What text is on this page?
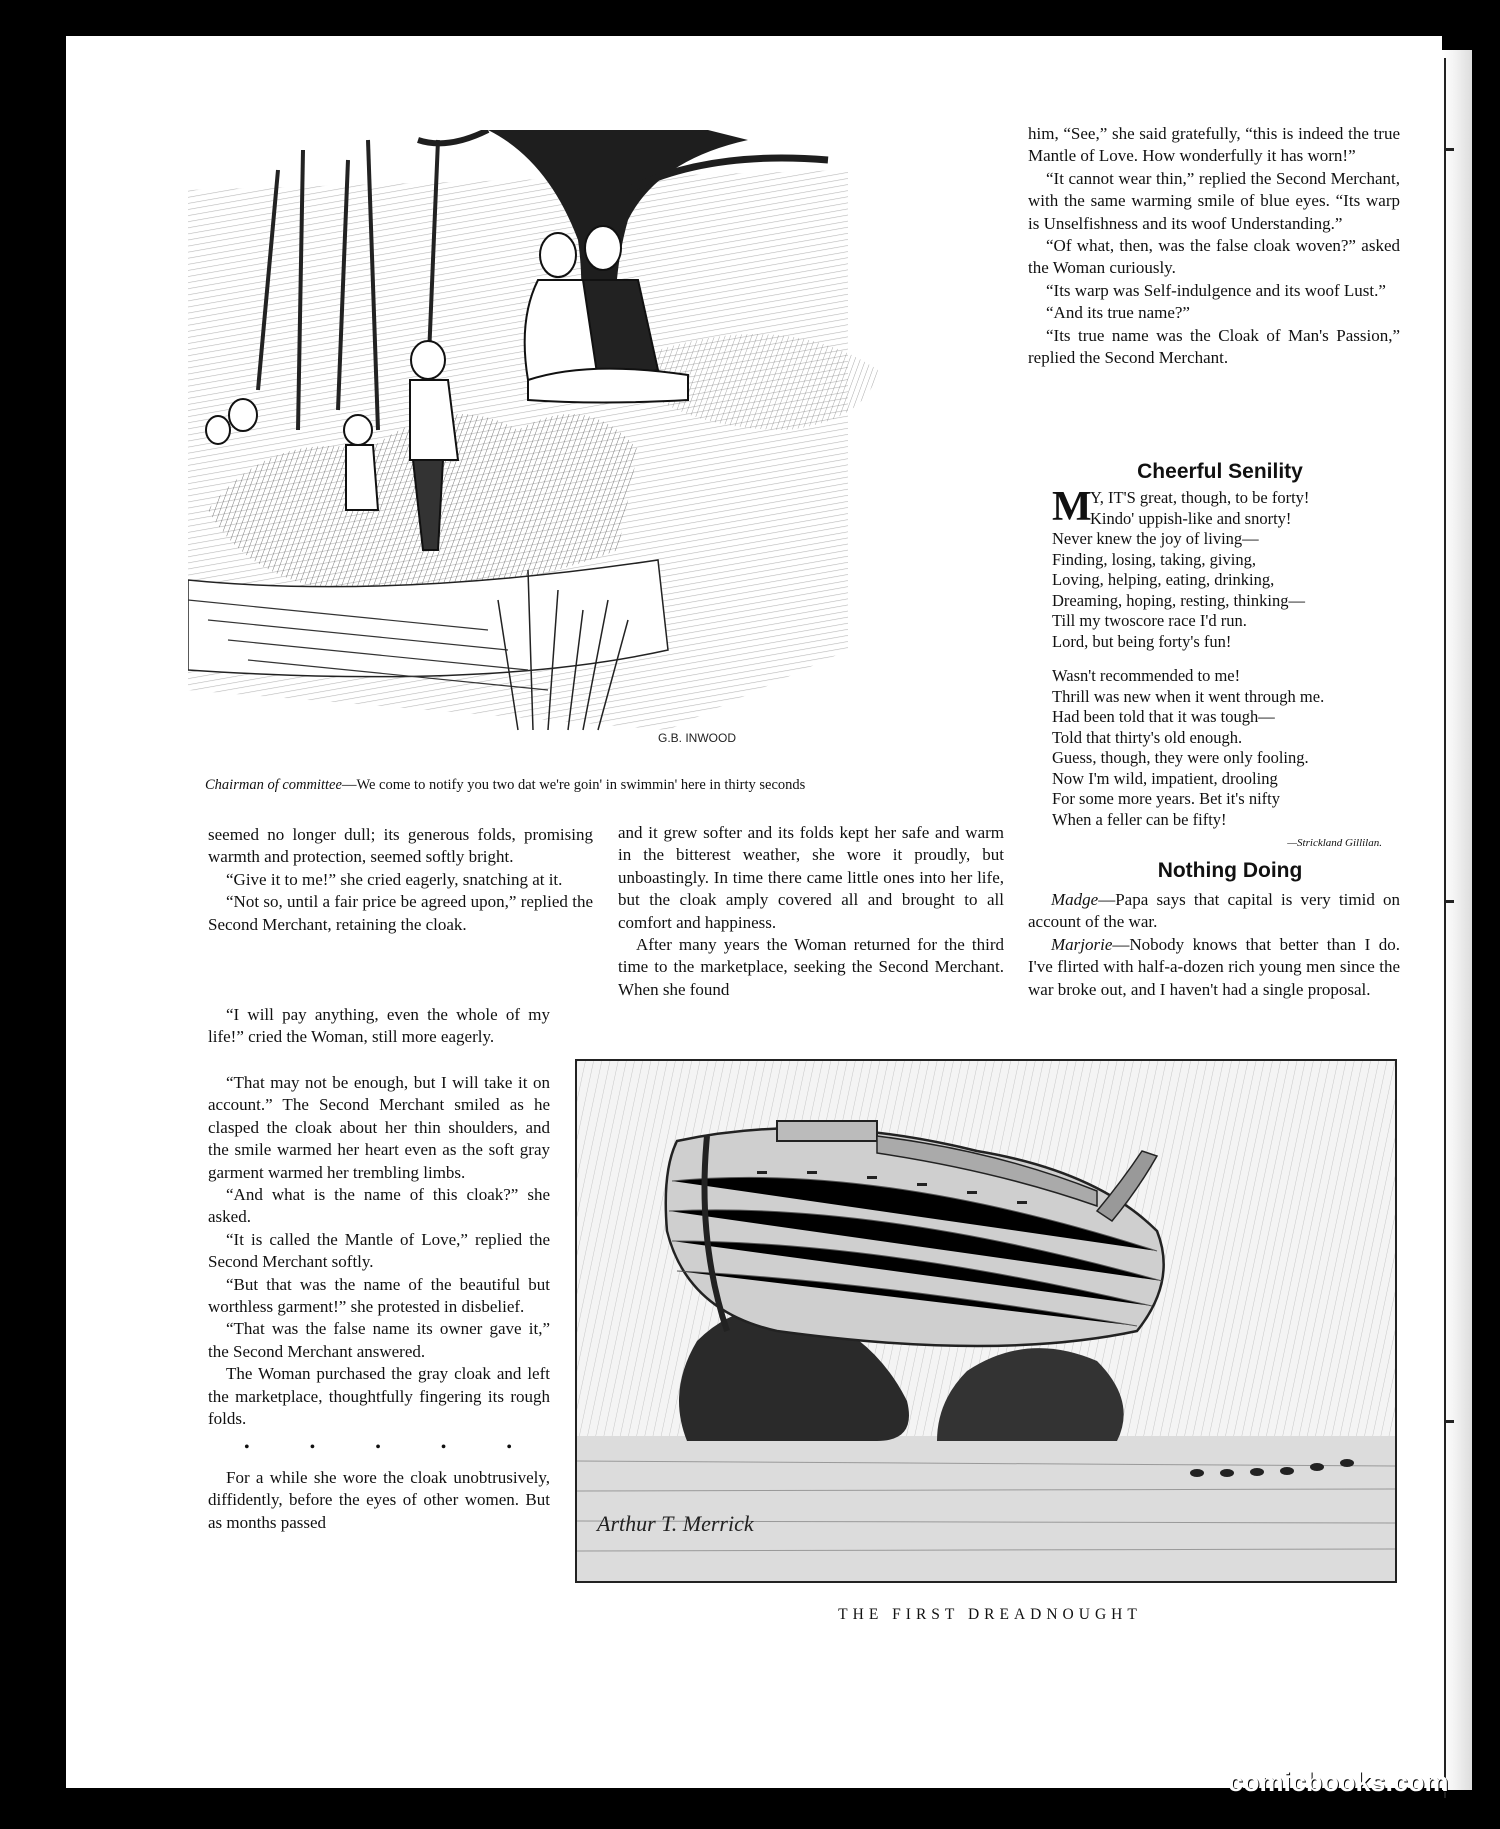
G.B. INWOOD
Chairman of committee—We come to notify you two dat we're goin' in swimmin' here in thirty seconds

seemed no longer dull; its generous folds, promising warmth and protection, seemed softly bright.

“Give it to me!” she cried eagerly, snatching at it.

“Not so, until a fair price be agreed upon,” replied the Second Merchant, retaining the cloak.

“I will pay anything, even the whole of my life!” cried the Woman, still more eagerly.

“That may not be enough, but I will take it on account.” The Second Merchant smiled as he clasped the cloak about her thin shoulders, and the smile warmed her heart even as the soft gray garment warmed her trembling limbs.

“And what is the name of this cloak?” she asked.

“It is called the Mantle of Love,” replied the Second Merchant softly.

“But that was the name of the beautiful but worthless garment!” she protested in disbelief.

“That was the false name its owner gave it,” the Second Merchant answered.

The Woman purchased the gray cloak and left the marketplace, thoughtfully fingering its rough folds.

• • • • •

For a while she wore the cloak unobtrusively, diffidently, before the eyes of other women. But as months passed

and it grew softer and its folds kept her safe and warm in the bitterest weather, she wore it proudly, but unboastingly. In time there came little ones into her life, but the cloak amply covered all and brought to all comfort and happiness.

After many years the Woman returned for the third time to the marketplace, seeking the Second Merchant. When she found

him, “See,” she said gratefully, “this is indeed the true Mantle of Love. How wonderfully it has worn!”

“It cannot wear thin,” replied the Second Merchant, with the same warming smile of blue eyes. “Its warp is Unselfishness and its woof Understanding.”

“Of what, then, was the false cloak woven?” asked the Woman curiously.

“Its warp was Self-indulgence and its woof Lust.”

“And its true name?”

“Its true name was the Cloak of Man's Passion,” replied the Second Merchant.

Cheerful Senility
M
Y, IT'S great, though, to be forty!
Kindo' uppish-like and snorty!
Never knew the joy of living—
Finding, losing, taking, giving,
Loving, helping, eating, drinking,
Dreaming, hoping, resting, thinking—
Till my twoscore race I'd run.
Lord, but being forty's fun!
Wasn't recommended to me!
Thrill was new when it went through me.
Had been told that it was tough—
Told that thirty's old enough.
Guess, though, they were only fooling.
Now I'm wild, impatient, drooling
For some more years. Bet it's nifty
When a feller can be fifty!
—Strickland Gillilan.
Nothing Doing

Madge—Papa says that capital is very timid on account of the war.

Marjorie—Nobody knows that better than I do. I've flirted with half-a-dozen rich young men since the war broke out, and I haven't had a single proposal.

Arthur T. Merrick
THE FIRST DREADNOUGHT
comicbooks.com
